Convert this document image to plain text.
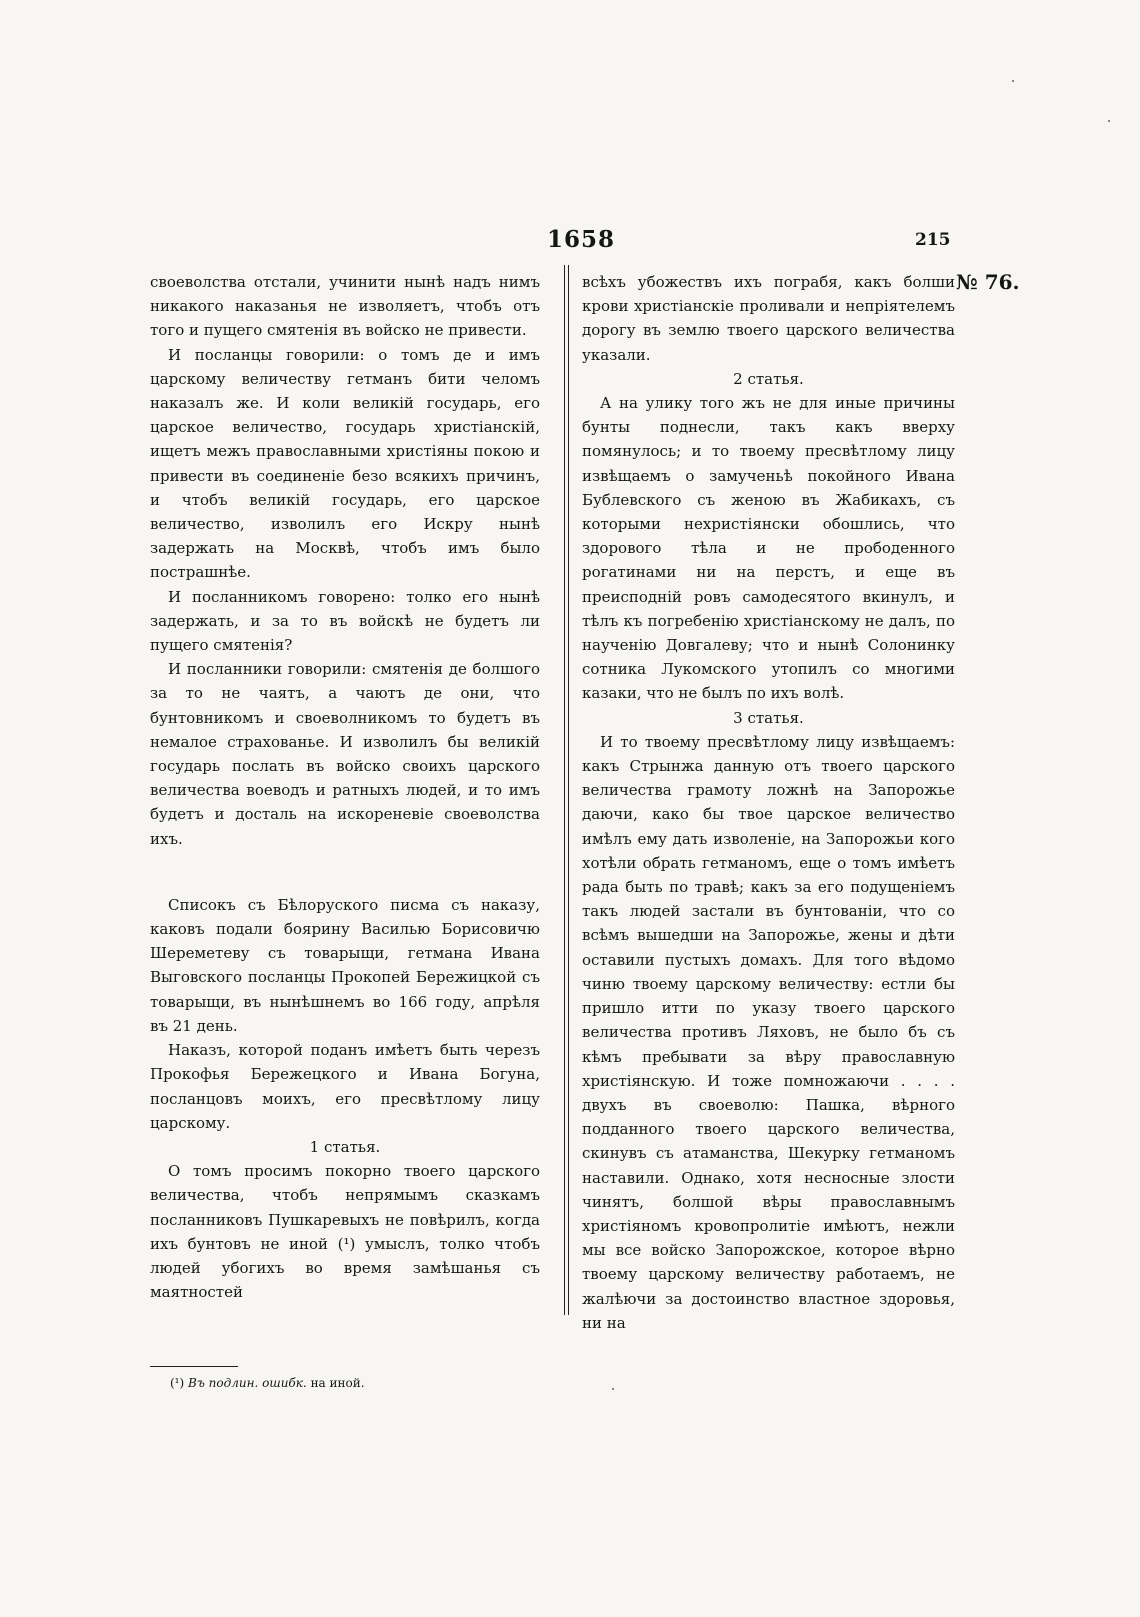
1658	215
№ 76.

своеволства отстали, учинити нынѣ надъ нимъ никакого наказанья не изволяетъ, чтобъ отъ того и пущего смятенія въ войско не привести.

И посланцы говорили: о томъ де и имъ царскому величеству гетманъ бити челомъ наказалъ же. И коли великій государь, его царское величество, государь христіанскій, ищетъ межъ православными христіяны покою и привести въ соединеніе безо всякихъ причинъ, и чтобъ великій государь, его царское величество, изволилъ его Искру нынѣ задержать на Москвѣ, чтобъ имъ было пострашнѣе.

И посланникомъ говорено: толко его нынѣ задержать, и за то въ войскѣ не будетъ ли пущего смятенія?

И посланники говорили: смятенія де болшого за то не чаятъ, а чаютъ де они, что бунтовникомъ и своеволникомъ то будетъ въ немалое страхованье. И изволилъ бы великій государь послать въ войско своихъ царского величества воеводъ и ратныхъ людей, и то имъ будетъ и досталь на искореневіе своеволства ихъ.

Списокъ съ Бѣлоруского писма съ наказу, каковъ подали боярину Василью Борисовичю Шереметеву съ товарыщи, гетмана Ивана Выговского посланцы Прокопей Бережицкой съ товарыщи, въ нынѣшнемъ во 166 году, апрѣля въ 21 день.

Наказъ, которой поданъ имѣетъ быть черезъ Прокофья Бережецкого и Ивана Богуна, посланцовъ моихъ, его пресвѣтлому лицу царскому.

1 статья.

О томъ просимъ покорно твоего царского величества, чтобъ непрямымъ сказкамъ посланниковъ Пушкаревыхъ не повѣрилъ, когда ихъ бунтовъ не иной (¹) умыслъ, толко чтобъ людей убогихъ во время замѣшанья съ маятностей

всѣхъ убожествъ ихъ пограбя, какъ болши крови христіанскіе проливали и непріятелемъ дорогу въ землю твоего царского величества указали.

2 статья.

А на улику того жъ не для иные причины бунты поднесли, такъ какъ вверху помянулось; и то твоему пресвѣтлому лицу извѣщаемъ о замученьѣ покойного Ивана Бублевского съ женою въ Жабикахъ, съ которыми нехристіянски обошлись, что здорового тѣла и не прободенного рогатинами ни на перстъ, и еще въ преисподній ровъ самодесятого вкинулъ, и тѣлъ къ погребенію христіанскому не далъ, по наученію Довгалеву; что и нынѣ Солонинку сотника Лукомского утопилъ со многими казаки, что не былъ по ихъ волѣ.

3 статья.

И то твоему пресвѣтлому лицу извѣщаемъ: какъ Стрынжа данную отъ твоего царского величества грамоту ложнѣ на Запорожье даючи, како бы твое царское величество имѣлъ ему дать изволеніе, на Запорожьи кого хотѣли обрать гетманомъ, еще о томъ имѣетъ рада быть по травѣ; какъ за его подущеніемъ такъ людей застали въ бунтованіи, что со всѣмъ вышедши на Запорожье, жены и дѣти оставили пустыхъ домахъ. Для того вѣдомо чиню твоему царскому величеству: естли бы пришло итти по указу твоего царского величества противъ Ляховъ, не было бъ съ кѣмъ пребывати за вѣру православную христіянскую. И тоже помножаючи . . . . двухъ въ своеволю: Пашка, вѣрного подданного твоего царского величества, скинувъ съ атаманства, Шекурку гетманомъ наставили. Однако, хотя несносные злости чинятъ, болшой вѣры православнымъ христіяномъ кровопролитіе имѣютъ, нежли мы все войско Запорожское, которое вѣрно твоему царскому величеству работаемъ, не жалѣючи за достоинство властное здоровья, ни на

(¹) Въ подлин. ошибк. на иной.
